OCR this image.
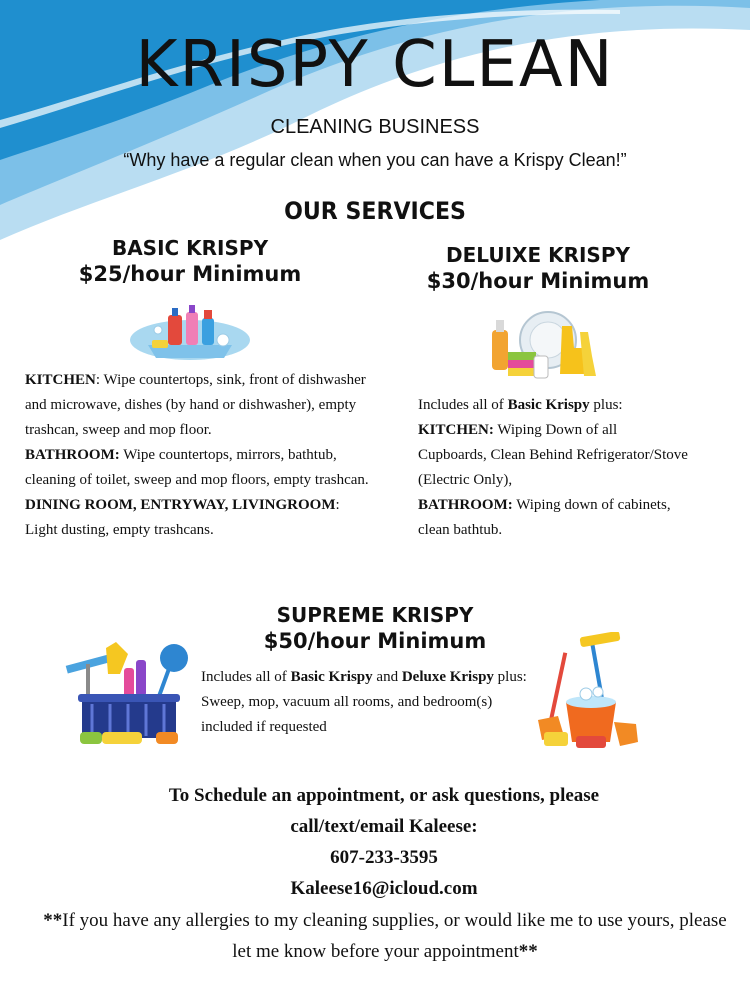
KRISPY CLEAN
CLEANING BUSINESS
“Why have a regular clean when you can have a Krispy Clean!”
OUR SERVICES
BASIC KRISPY
$25/hour Minimum

KITCHEN: Wipe countertops, sink, front of dishwasher and microwave, dishes (by hand or dishwasher), empty trashcan, sweep and mop floor.

BATHROOM: Wipe countertops, mirrors, bathtub, cleaning of toilet, sweep and mop floors, empty trashcan.

DINING ROOM, ENTRYWAY, LIVINGROOM: Light dusting, empty trashcans.

DELUIXE KRISPY
$30/hour Minimum

Includes all of Basic Krispy plus:

KITCHEN: Wiping Down of all Cupboards, Clean Behind Refrigerator/Stove (Electric Only),

BATHROOM: Wiping down of cabinets, clean bathtub.

SUPREME KRISPY
$50/hour Minimum

Includes all of Basic Krispy and Deluxe Krispy plus: Sweep, mop, vacuum all rooms, and bedroom(s) included if requested

To Schedule an appointment, or ask questions, please
call/text/email Kaleese:
607-233-3595
Kaleese16@icloud.com
**If you have any allergies to my cleaning supplies, or would like me to use yours, please let me know before your appointment**
